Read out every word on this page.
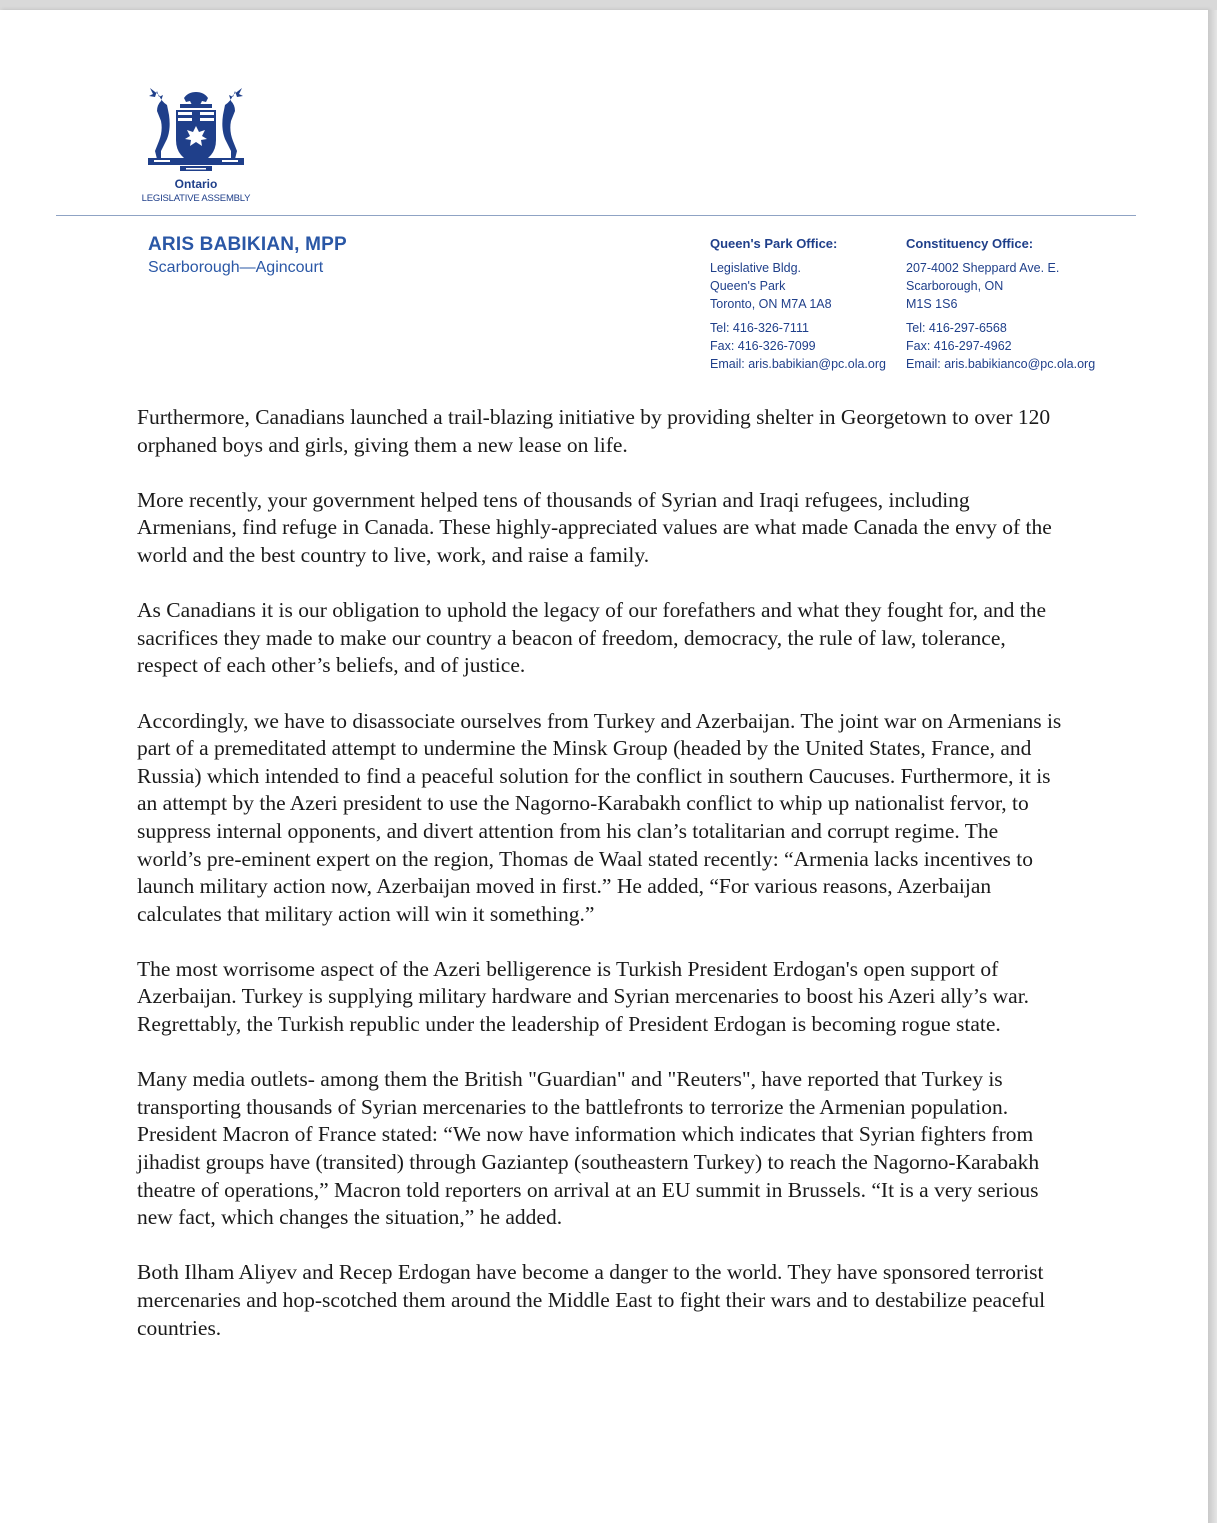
Ontario
LEGISLATIVE ASSEMBLY
ARIS BABIKIAN, MPP
Scarborough—Agincourt
Queen's Park Office:
Legislative Bldg.
Queen's Park
Toronto, ON M7A 1A8
Tel: 416-326-7111
Fax: 416-326-7099
Email: aris.babikian@pc.ola.org
Constituency Office:
207-4002 Sheppard Ave. E.
Scarborough, ON
M1S 1S6
Tel: 416-297-6568
Fax: 416-297-4962
Email: aris.babikianco@pc.ola.org

Furthermore, Canadians launched a trail-blazing initiative by providing shelter in Georgetown to over 120 orphaned boys and girls, giving them a new lease on life.

More recently, your government helped tens of thousands of Syrian and Iraqi refugees, including Armenians, find refuge in Canada. These highly-appreciated values are what made Canada the envy of the world and the best country to live, work, and raise a family.

As Canadians it is our obligation to uphold the legacy of our forefathers and what they fought for, and the sacrifices they made to make our country a beacon of freedom, democracy, the rule of law, tolerance, respect of each other’s beliefs, and of justice.

Accordingly, we have to disassociate ourselves from Turkey and Azerbaijan. The joint war on Armenians is part of a premeditated attempt to undermine the Minsk Group (headed by the United States, France, and Russia) which intended to find a peaceful solution for the conflict in southern Caucuses. Furthermore, it is an attempt by the Azeri president to use the Nagorno-Karabakh conflict to whip up nationalist fervor, to suppress internal opponents, and divert attention from his clan’s totalitarian and corrupt regime. The world’s pre-eminent expert on the region, Thomas de Waal stated recently: “Armenia lacks incentives to launch military action now, Azerbaijan moved in first.” He added, “For various reasons, Azerbaijan calculates that military action will win it something.”

The most worrisome aspect of the Azeri belligerence is Turkish President Erdogan's open support of Azerbaijan. Turkey is supplying military hardware and Syrian mercenaries to boost his Azeri ally’s war. Regrettably, the Turkish republic under the leadership of President Erdogan is becoming rogue state.

Many media outlets- among them the British "Guardian" and "Reuters", have reported that Turkey is transporting thousands of Syrian mercenaries to the battlefronts to terrorize the Armenian population. President Macron of France stated: “We now have information which indicates that Syrian fighters from jihadist groups have (transited) through Gaziantep (southeastern Turkey) to reach the Nagorno-Karabakh theatre of operations,” Macron told reporters on arrival at an EU summit in Brussels. “It is a very serious new fact, which changes the situation,” he added.

Both Ilham Aliyev and Recep Erdogan have become a danger to the world. They have sponsored terrorist mercenaries and hop-scotched them around the Middle East to fight their wars and to destabilize peaceful countries.
